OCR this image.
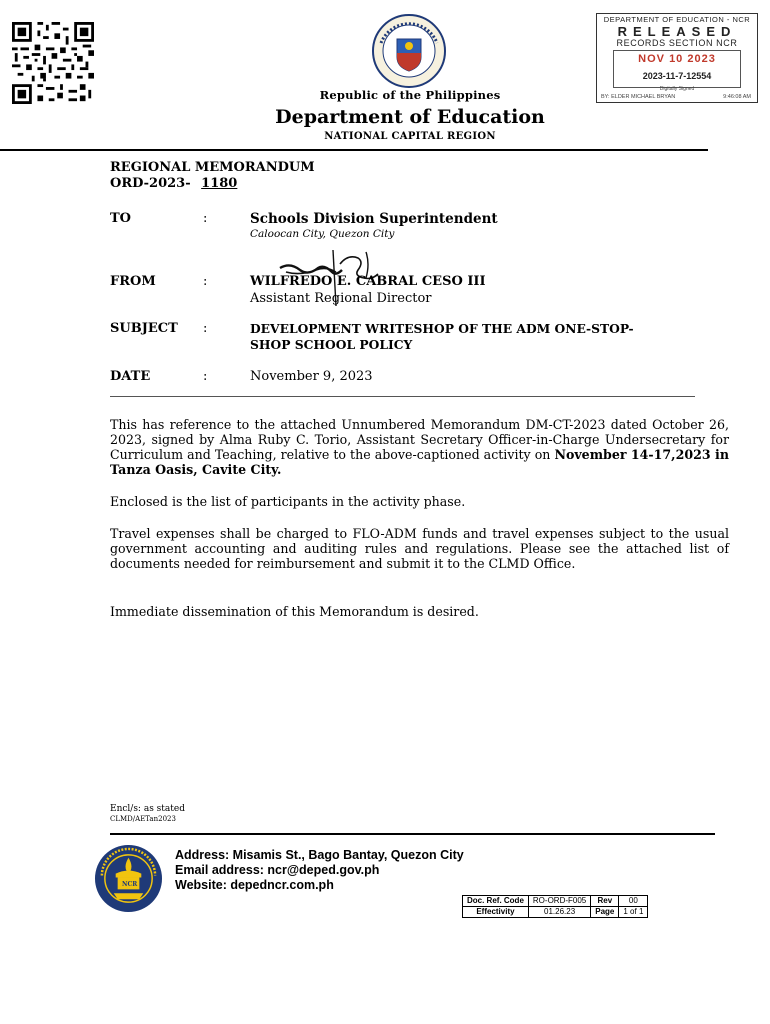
Republic of the Philippines
Department of Education
NATIONAL CAPITAL REGION
DEPARTMENT OF EDUCATION - NCR
RELEASED
RECORDS SECTION NCR
NOV 10 2023
2023-11-7-12554
Digitally Signed
BY: ELDER MICHAEL BRYAN	9:46:08 AM
REGIONAL MEMORANDUM
ORD-2023- 1180
TO	:	Schools Division Superintendent
Caloocan City, Quezon City
FROM	:	WILFREDO E. CABRAL CESO III
Assistant Regional Director
SUBJECT :	DEVELOPMENT WRITESHOP OF THE ADM ONE-STOP-
SHOP SCHOOL POLICY
DATE	:	November 9, 2023
This has reference to the attached Unnumbered Memorandum DM-CT-2023 dated October 26, 2023, signed by Alma Ruby C. Torio, Assistant Secretary Officer-in-Charge Undersecretary for Curriculum and Teaching, relative to the above-captioned activity on November 14-17,2023 in Tanza Oasis, Cavite City.
Enclosed is the list of participants in the activity phase.
Travel expenses shall be charged to FLO-ADM funds and travel expenses subject to the usual government accounting and auditing rules and regulations. Please see the attached list of documents needed for reimbursement and submit it to the CLMD Office.
Immediate dissemination of this Memorandum is desired.
Encl/s: as stated
CLMD/AETan2023
NCR
Address: Misamis St., Bago Bantay, Quezon City
Email address: ncr@deped.gov.ph
Website: depedncr.com.ph
Doc. Ref. Code	RO-ORD-F005	Rev	00
Effectivity	01.26.23	Page	1 of 1
